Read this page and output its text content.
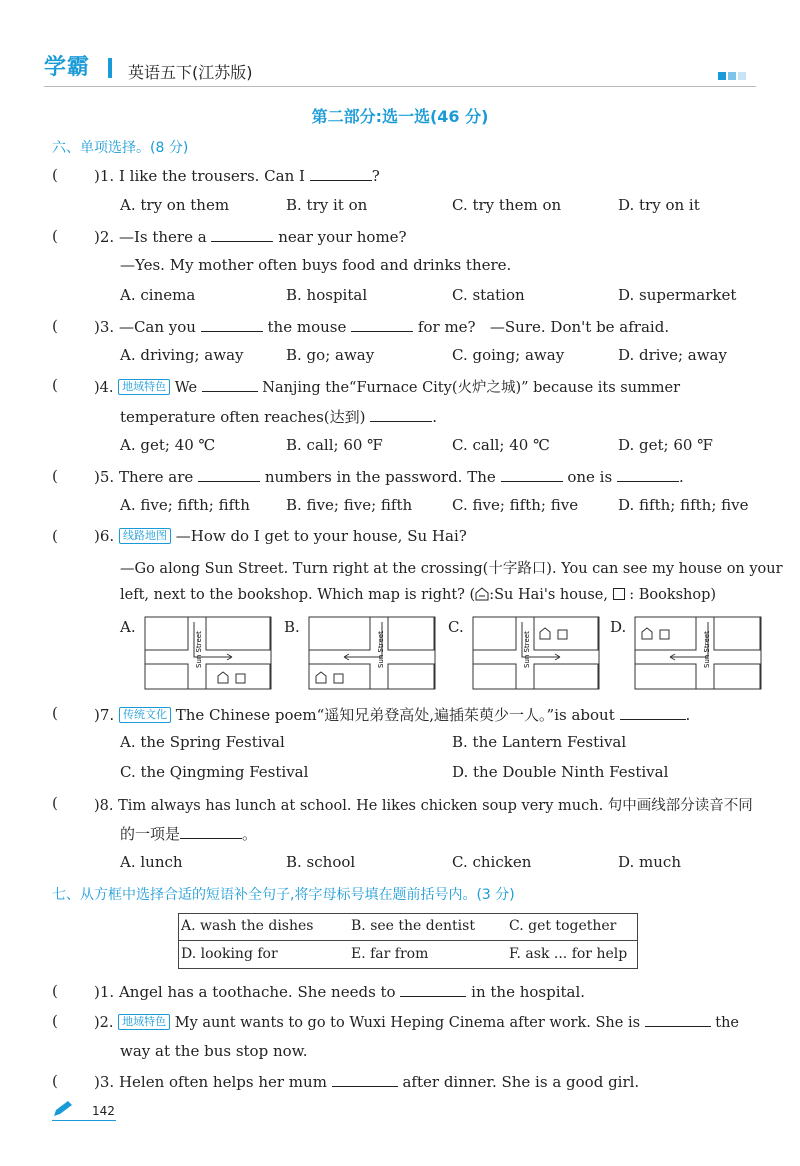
学霸 英语五下(江苏版)
第二部分:选一选(46 分)
六、单项选择。(8 分)
( )1. I like the trousers. Can I	?
A. try on them	B. try it on	C. try them on	D. try on it
( )2. —Is there a	near your home?
—Yes. My mother often buys food and drinks there.
A. cinema	B. hospital	C. station	D. supermarket
( )3. —Can you	the mouse	for me? —Sure. Don't be afraid.
A. driving; away	B. go; away	C. going; away	D. drive; away
( )4. 地域特色 We	Nanjing the“Furnace City(火炉之城)” because its summer
temperature often reaches(达到)	.
A. get; 40 ℃	B. call; 60 ℉	C. call; 40 ℃	D. get; 60 ℉
( )5. There are	numbers in the password. The	one is	.
A. five; fifth; fifth B. five; five; fifth	C. five; fifth; five	D. fifth; fifth; five
( )6. 线路地图 —How do I get to your house, Su Hai?
—Go along Sun Street. Turn right at the crossing(十字路口). You can see my house on your
left, next to the bookshop. Which map is right? ( :Su Hai's house, : Bookshop)
A.
Sun Street
B.
Sun Street
C.
Sun Street
D.
Sun Street
( )7. 传统文化 The Chinese poem“遥知兄弟登高处,遍插茱萸少一人。”is about	.
A. the Spring Festival	B. the Lantern Festival
C. the Qingming Festival	D. the Double Ninth Festival
( )8. Tim always has lunch at school. He likes chicken soup very much. 句中画线部分读音不同
的一项是	。
A. lunch	B. school	C. chicken	D. much
七、从方框中选择合适的短语补全句子,将字母标号填在题前括号内。(3 分)
A. wash the dishes	B. see the dentist C. get together
D. looking for	E. far from	F. ask ... for help
( )1. Angel has a toothache. She needs to	in the hospital.
( )2. 地域特色 My aunt wants to go to Wuxi Heping Cinema after work. She is	the
way at the bus stop now.
( )3. Helen often helps her mum	after dinner. She is a good girl.
142
